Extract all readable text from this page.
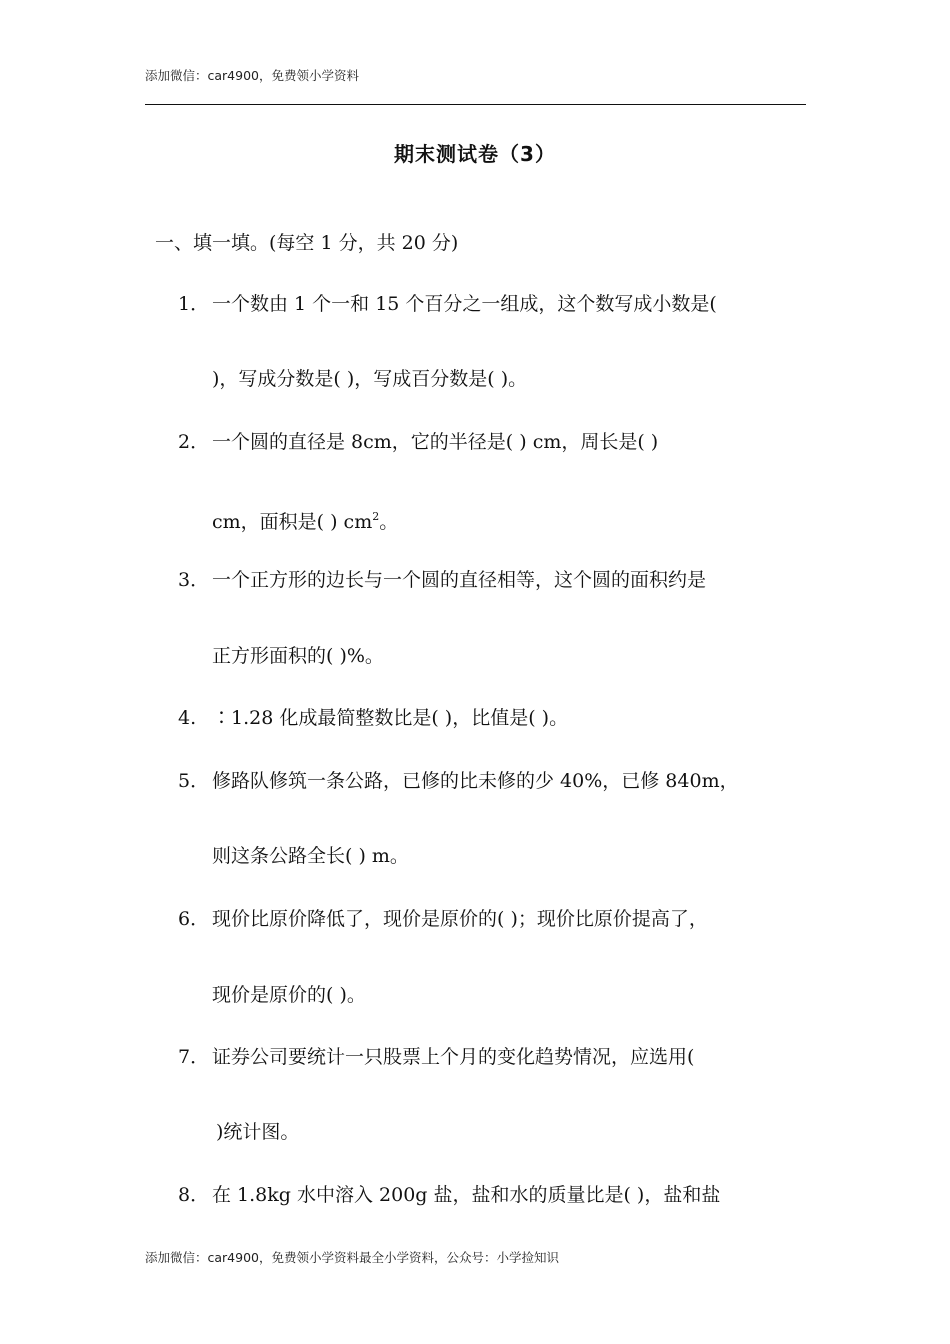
添加微信：car4900，免费领小学资料
期末测试卷（3）
一、填一填。(每空 1 分，共 20 分)
1． 一个数由 1 个一和 15 个百分之一组成，这个数写成小数是(
)，写成分数是( )，写成百分数是( )。
2． 一个圆的直径是 8cm，它的半径是( ) cm，周长是( )
cm，面积是( ) $cm^2$。
3． 一个正方形的边长与一个圆的直径相等，这个圆的面积约是
正方形面积的( )%。
4. ∶1.28 化成最简整数比是( )，比值是( )。
5． 修路队修筑一条公路，已修的比未修的少 40%，已修 840m，
则这条公路全长( ) m。
6． 现价比原价降低了，现价是原价的( )；现价比原价提高了，
现价是原价的( )。
7． 证券公司要统计一只股票上个月的变化趋势情况，应选用(
)统计图。
8． 在 1.8kg 水中溶入 200g 盐，盐和水的质量比是( )，盐和盐
添加微信：car4900，免费领小学资料最全小学资料，公众号：小学捡知识
